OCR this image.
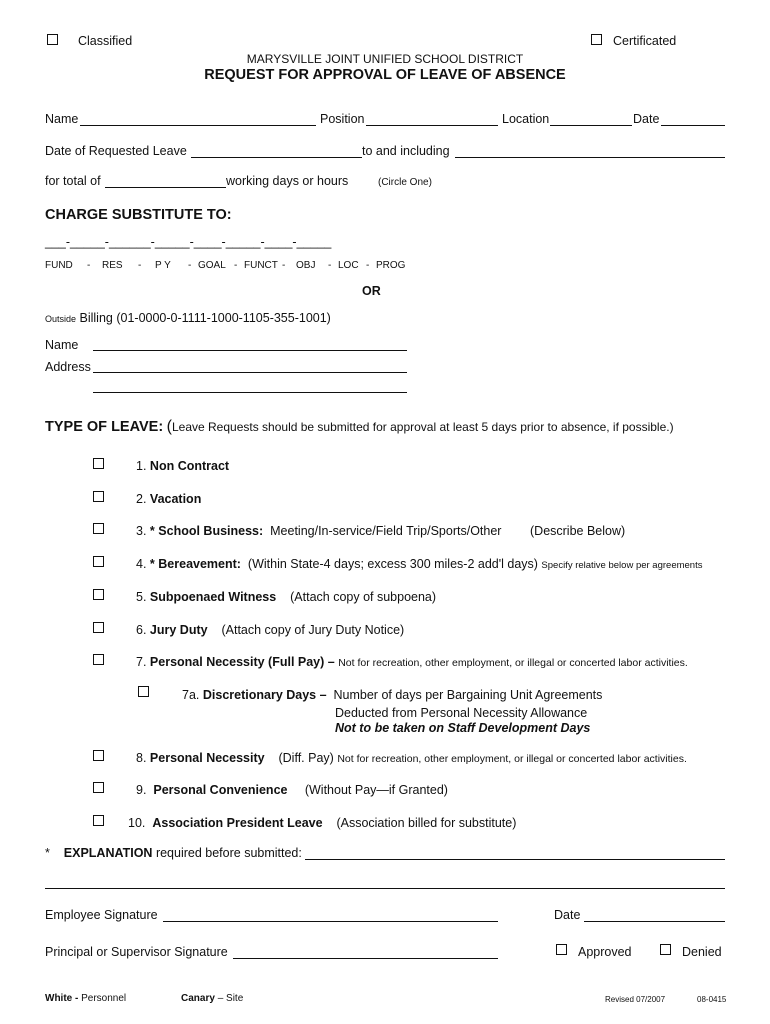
Classified	Certificated
MARYSVILLE JOINT UNIFIED SCHOOL DISTRICT
REQUEST FOR APPROVAL OF LEAVE OF ABSENCE
Name	Position	Location	Date
Date of Requested Leave	to and including
for total of	working days or hours	(Circle One)
CHARGE SUBSTITUTE TO:
___-_____-______-_____-____-_____-____-_____
FUND - RES - P Y - GOAL - FUNCT - OBJ - LOC - PROG
OR
Outside Billing (01-0000-0-1111-1000-1105-355-1001)
Name
Address
TYPE OF LEAVE: (Leave Requests should be submitted for approval at least 5 days prior to absence, if possible.)
1. Non Contract
2. Vacation
3. * School Business: Meeting/In-service/Field Trip/Sports/Other (Describe Below)
4. * Bereavement: (Within State-4 days; excess 300 miles-2 add'l days) Specify relative below per agreements
5. Subpoenaed Witness (Attach copy of subpoena)
6. Jury Duty (Attach copy of Jury Duty Notice)
7. Personal Necessity (Full Pay) – Not for recreation, other employment, or illegal or concerted labor activities.
7a. Discretionary Days – Number of days per Bargaining Unit Agreements
Deducted from Personal Necessity Allowance
Not to be taken on Staff Development Days
8. Personal Necessity (Diff. Pay) Not for recreation, other employment, or illegal or concerted labor activities.
9. Personal Convenience (Without Pay—if Granted)
10. Association President Leave (Association billed for substitute)
* EXPLANATION required before submitted:
Employee Signature	Date
Principal or Supervisor Signature	Approved	Denied
White - Personnel	Canary – Site	Revised 07/2007	08-0415
